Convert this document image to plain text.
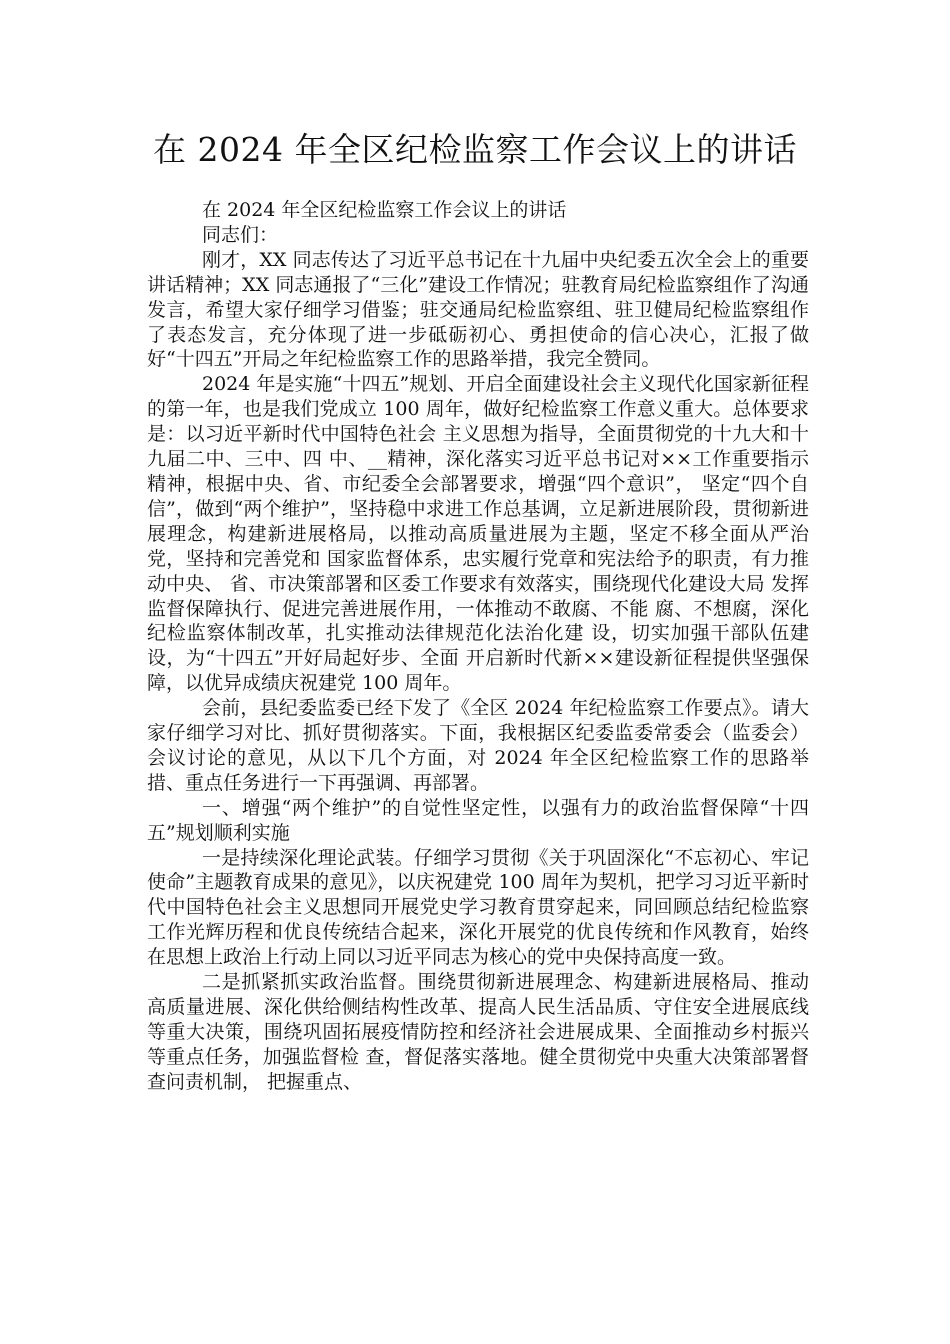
在 2024 年全区纪检监察工作会议上的讲话

在 2024 年全区纪检监察工作会议上的讲话

同志们：

刚才，XX 同志传达了习近平总书记在十九届中央纪委五次全会上的重要讲话精神；XX 同志通报了“三化”建设工作情况；驻教育局纪检监察组作了沟通发言，希望大家仔细学习借鉴；驻交通局纪检监察组、驻卫健局纪检监察组作了表态发言，充分体现了进一步砥砺初心、勇担使命的信心决心，汇报了做好“十四五”开局之年纪检监察工作的思路举措，我完全赞同。

2024 年是实施“十四五”规划、开启全面建设社会主义现代化国家新征程的第一年，也是我们党成立 100 周年，做好纪检监察工作意义重大。总体要求是：以习近平新时代中国特色社会 主义思想为指导，全面贯彻党的十九大和十九届二中、三中、四 中、__精神，深化落实习近平总书记对××工作重要指示精神，根据中央、省、市纪委全会部署要求，增强“四个意识”， 坚定“四个自信”，做到“两个维护”，坚持稳中求进工作总基调，立足新进展阶段，贯彻新进展理念，构建新进展格局，以推动高质量进展为主题，坚定不移全面从严治党，坚持和完善党和 国家监督体系，忠实履行党章和宪法给予的职责，有力推动中央、 省、市决策部署和区委工作要求有效落实，围绕现代化建设大局 发挥监督保障执行、促进完善进展作用，一体推动不敢腐、不能 腐、不想腐，深化纪检监察体制改革，扎实推动法律规范化法治化建 设，切实加强干部队伍建设，为“十四五”开好局起好步、全面 开启新时代新××建设新征程提供坚强保障，以优异成绩庆祝建党 100 周年。

会前，县纪委监委已经下发了《全区 2024 年纪检监察工作要点》。请大家仔细学习对比、抓好贯彻落实。下面，我根据区纪委监委常委会（监委会）会议讨论的意见，从以下几个方面，对 2024 年全区纪检监察工作的思路举措、重点任务进行一下再强调、再部署。

一、增强“两个维护”的自觉性坚定性，以强有力的政治监督保障“十四五”规划顺利实施

一是持续深化理论武装。仔细学习贯彻《关于巩固深化“不忘初心、牢记使命”主题教育成果的意见》，以庆祝建党 100 周年为契机，把学习习近平新时代中国特色社会主义思想同开展党史学习教育贯穿起来，同回顾总结纪检监察工作光辉历程和优良传统结合起来，深化开展党的优良传统和作风教育，始终在思想上政治上行动上同以习近平同志为核心的党中央保持高度一致。

二是抓紧抓实政治监督。围绕贯彻新进展理念、构建新进展格局、推动高质量进展、深化供给侧结构性改革、提高人民生活品质、守住安全进展底线等重大决策，围绕巩固拓展疫情防控和经济社会进展成果、全面推动乡村振兴等重点任务，加强监督检 查，督促落实落地。健全贯彻党中央重大决策部署督查问责机制， 把握重点、
